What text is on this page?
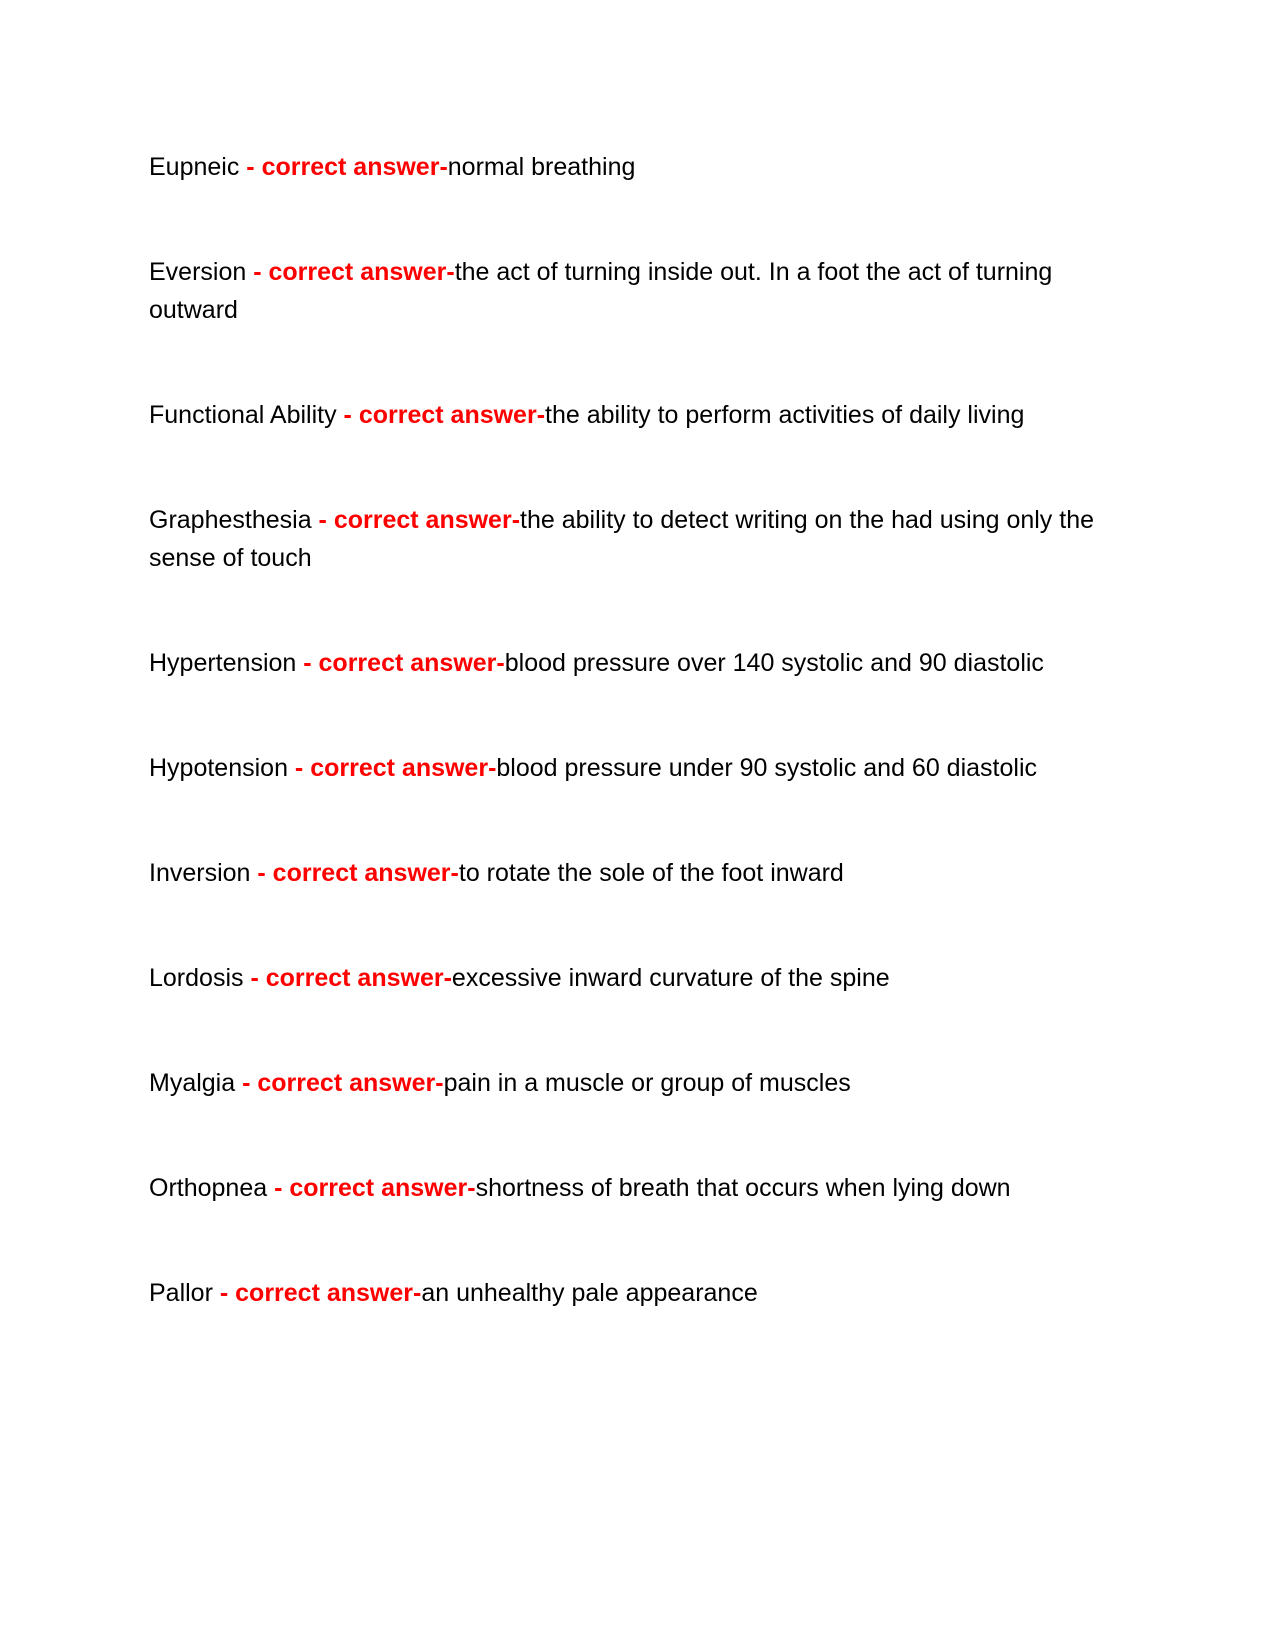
Eupneic - correct answer-normal breathing

Eversion - correct answer-the act of turning inside out. In a foot the act of turning outward

Functional Ability - correct answer-the ability to perform activities of daily living

Graphesthesia - correct answer-the ability to detect writing on the had using only the sense of touch

Hypertension - correct answer-blood pressure over 140 systolic and 90 diastolic

Hypotension - correct answer-blood pressure under 90 systolic and 60 diastolic

Inversion - correct answer-to rotate the sole of the foot inward

Lordosis - correct answer-excessive inward curvature of the spine

Myalgia - correct answer-pain in a muscle or group of muscles

Orthopnea - correct answer-shortness of breath that occurs when lying down

Pallor - correct answer-an unhealthy pale appearance
